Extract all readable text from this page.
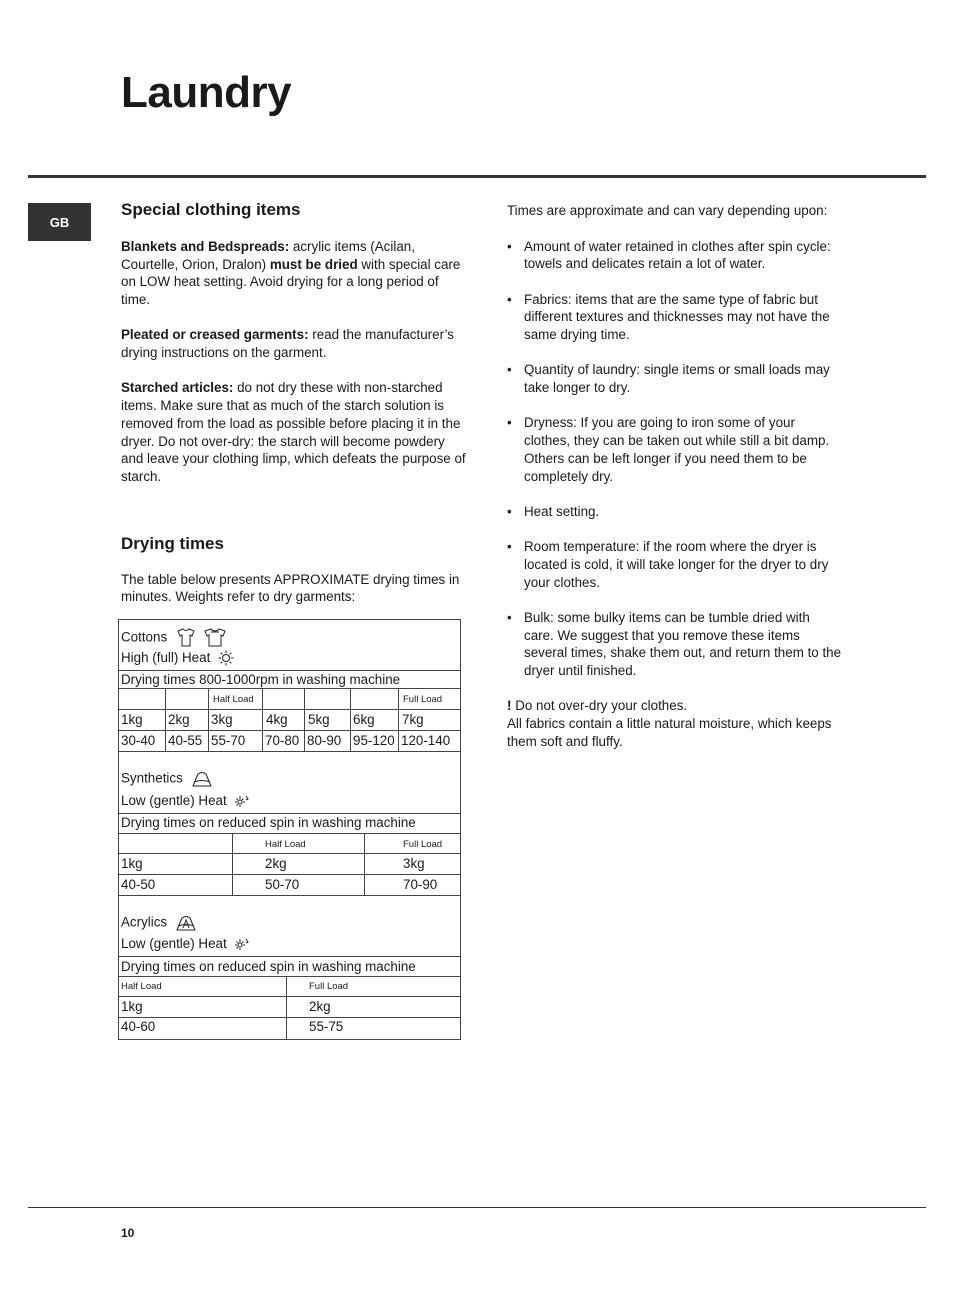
Laundry
GB
Special clothing items

Blankets and Bedspreads: acrylic items (Acilan, Courtelle, Orion, Dralon) must be dried with special care on LOW heat setting. Avoid drying for a long period of time.

Pleated or creased garments: read the manufacturer’s drying instructions on the garment.

Starched articles: do not dry these with non-starched items. Make sure that as much of the starch solution is removed from the load as possible before placing it in the dryer. Do not over-dry: the starch will become powdery and leave your clothing limp, which defeats the purpose of starch.

Drying times

The table below presents APPROXIMATE drying times in minutes. Weights refer to dry garments:

Cottons
High (full) Heat
Drying times 800-1000rpm in washing machine
Half Load	Full Load
1kg	2kg	3kg	4kg	5kg	6kg	7kg
30-40 40-55 55-70	70-80 80-90 95-120 120-140
Synthetics
Low (gentle) Heat
Drying times on reduced spin in washing machine
Half Load	Full Load
1kg	2kg	3kg
40-50	50-70	70-90
Acrylics
Low (gentle) Heat
Drying times on reduced spin in washing machine
Half Load	Full Load
1kg	2kg
40-60	55-75

Times are approximate and can vary depending upon:

• Amount of water retained in clothes after spin cycle: towels and delicates retain a lot of water.
• Fabrics: items that are the same type of fabric but different textures and thicknesses may not have the same drying time.
• Quantity of laundry: single items or small loads may take longer to dry.
• Dryness: If you are going to iron some of your clothes, they can be taken out while still a bit damp. Others can be left longer if you need them to be completely dry.
• Heat setting.
• Room temperature: if the room where the dryer is located is cold, it will take longer for the dryer to dry your clothes.
• Bulk: some bulky items can be tumble dried with care. We suggest that you remove these items several times, shake them out, and return them to the dryer until finished.

! Do not over-dry your clothes.

All fabrics contain a little natural moisture, which keeps them soft and fluffy.

10
